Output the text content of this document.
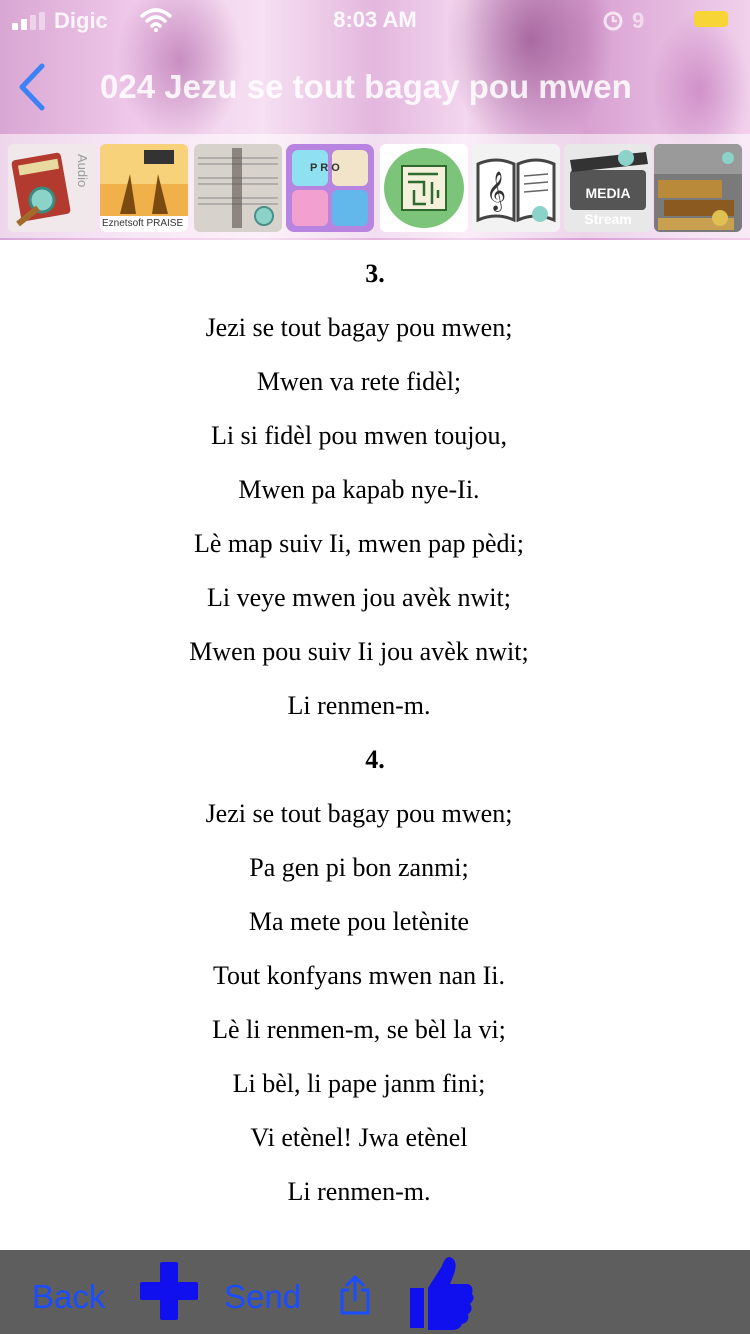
Digic	8:03 AM	9
024 Jezu se tout bagay pou mwen
Audio
Eznetsoft PRAISE
P R O
𝄞	MEDIA Stream
3.
Jezi se tout bagay pou mwen;
Mwen va rete fidèl;
Li si fidèl pou mwen toujou,
Mwen pa kapab nye-Ii.
Lè map suiv Ii, mwen pap pèdi;
Li veye mwen jou avèk nwit;
Mwen pou suiv Ii jou avèk nwit;
Li renmen-m.
4.
Jezi se tout bagay pou mwen;
Pa gen pi bon zanmi;
Ma mete pou letènite
Tout konfyans mwen nan Ii.
Lè li renmen-m, se bèl la vi;
Li bèl, li pape janm fini;
Vi etènel! Jwa etènel
Li renmen-m.
Back	Send
